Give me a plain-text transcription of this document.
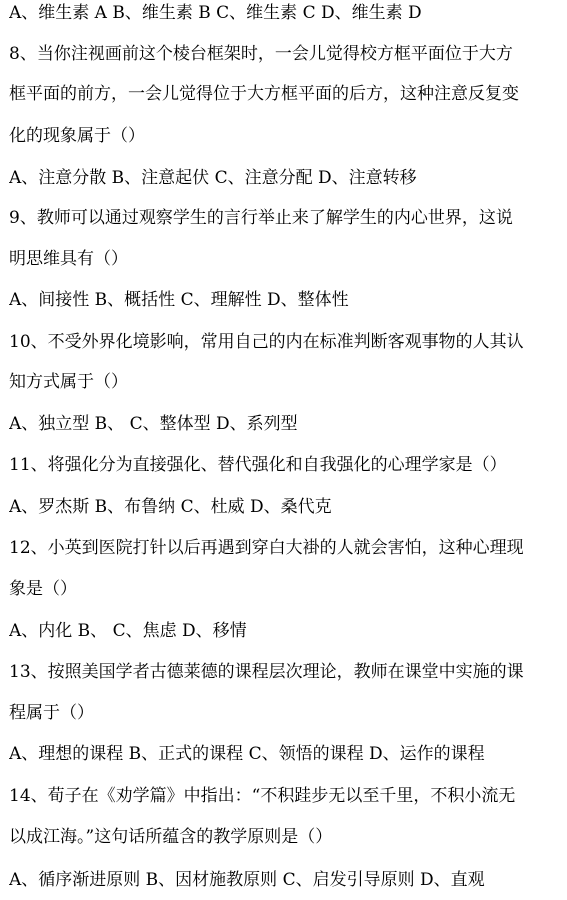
A、维生素 A B、维生素 B C、维生素 C D、维生素 D
8、当你注视画前这个棱台框架时，一会儿觉得校方框平面位于大方
框平面的前方，一会儿觉得位于大方框平面的后方，这种注意反复变
化的现象属于（）
A、注意分散 B、注意起伏 C、注意分配 D、注意转移
9、教师可以通过观察学生的言行举止来了解学生的内心世界，这说
明思维具有（）
A、间接性 B、概括性 C、理解性 D、整体性
10、不受外界化境影响，常用自己的内在标准判断客观事物的人其认
知方式属于（）
A、独立型 B、 C、整体型 D、系列型
11、将强化分为直接强化、替代强化和自我强化的心理学家是（）
A、罗杰斯 B、布鲁纳 C、杜威 D、桑代克
12、小英到医院打针以后再遇到穿白大褂的人就会害怕，这种心理现
象是（）
A、内化 B、 C、焦虑 D、移情
13、按照美国学者古德莱德的课程层次理论，教师在课堂中实施的课
程属于（）
A、理想的课程 B、正式的课程 C、领悟的课程 D、运作的课程
14、荀子在《劝学篇》中指出：“不积跬步无以至千里，不积小流无
以成江海。”这句话所蕴含的教学原则是（）
A、循序渐进原则 B、因材施教原则 C、启发引导原则 D、直观
